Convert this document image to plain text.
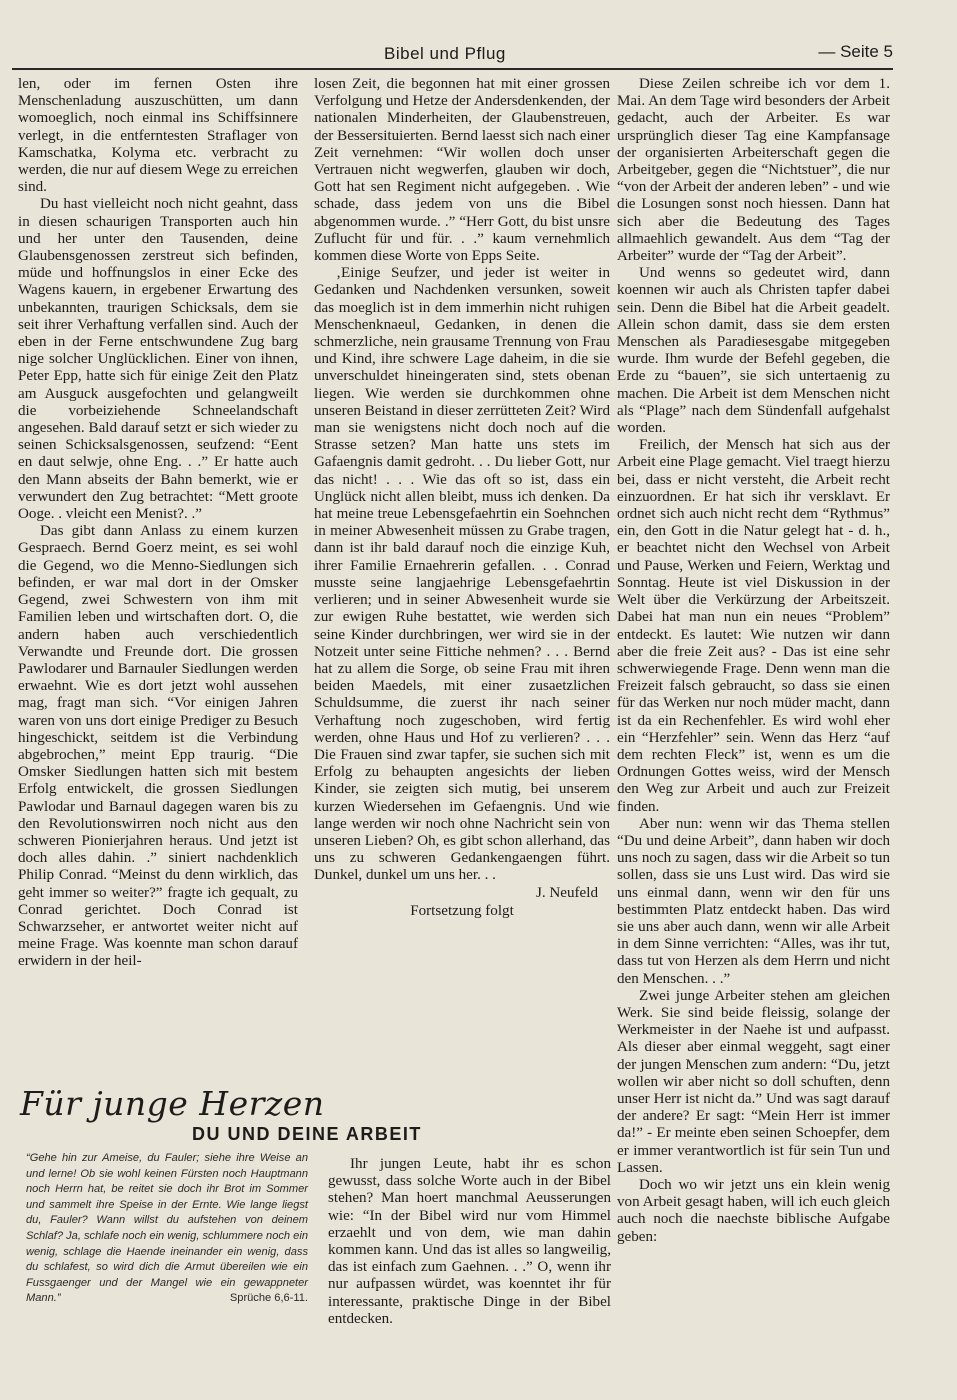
Bibel und Pflug	— Seite 5

len, oder im fernen Osten ihre Menschenladung auszuschütten, um dann womoeglich, noch einmal ins Schiffsinnere verlegt, in die entferntesten Straflager von Kamschatka, Kolyma etc. verbracht zu werden, die nur auf diesem Wege zu erreichen sind.

Du hast vielleicht noch nicht geahnt, dass in diesen schaurigen Transporten auch hin und her unter den Tausenden, deine Glaubensgenossen zerstreut sich befinden, müde und hoffnungslos in einer Ecke des Wagens kauern, in ergebener Erwartung des unbekannten, traurigen Schicksals, dem sie seit ihrer Verhaftung verfallen sind. Auch der eben in der Ferne entschwundene Zug barg nige solcher Unglücklichen. Einer von ihnen, Peter Epp, hatte sich für einige Zeit den Platz am Ausguck ausgefochten und gelangweilt die vorbeiziehende Schneelandschaft angesehen. Bald darauf setzt er sich wieder zu seinen Schicksalsgenossen, seufzend: “Eent en daut selwje, ohne Eng. . .” Er hatte auch den Mann abseits der Bahn bemerkt, wie er verwundert den Zug betrachtet: “Mett groote Ooge. . vleicht een Menist?. .”

Das gibt dann Anlass zu einem kurzen Gespraech. Bernd Goerz meint, es sei wohl die Gegend, wo die Menno-Siedlungen sich befinden, er war mal dort in der Omsker Gegend, zwei Schwestern von ihm mit Familien leben und wirtschaften dort. O, die andern haben auch verschiedentlich Verwandte und Freunde dort. Die grossen Pawlodarer und Barnauler Siedlungen werden erwaehnt. Wie es dort jetzt wohl aussehen mag, fragt man sich. “Vor einigen Jahren waren von uns dort einige Prediger zu Besuch hingeschickt, seitdem ist die Verbindung abgebrochen,” meint Epp traurig. “Die Omsker Siedlungen hatten sich mit bestem Erfolg entwickelt, die grossen Siedlungen Pawlodar und Barnaul dagegen waren bis zu den Revolutionswirren noch nicht aus den schweren Pionierjahren heraus. Und jetzt ist doch alles dahin. .” siniert nachdenklich Philip Conrad. “Meinst du denn wirklich, das geht immer so weiter?” fragte ich gequalt, zu Conrad gerichtet. Doch Conrad ist Schwarzseher, er antwortet weiter nicht auf meine Frage. Was koennte man schon darauf erwidern in der heil-

losen Zeit, die begonnen hat mit einer grossen Verfolgung und Hetze der Andersdenkenden, der nationalen Minderheiten, der Glaubenstreuen, der Bessersituierten. Bernd laesst sich nach einer Zeit vernehmen: “Wir wollen doch unser Vertrauen nicht wegwerfen, glauben wir doch, Gott hat sen Regiment nicht aufgegeben. . Wie schade, dass jedem von uns die Bibel abgenommen wurde. .” “Herr Gott, du bist unsre Zuflucht für und für. . .” kaum vernehmlich kommen diese Worte von Epps Seite.

‚Einige Seufzer, und jeder ist weiter in Gedanken und Nachdenken versunken, soweit das moeglich ist in dem immerhin nicht ruhigen Menschenknaeul, Gedanken, in denen die schmerzliche, nein grausame Trennung von Frau und Kind, ihre schwere Lage daheim, in die sie unverschuldet hineingeraten sind, stets obenan liegen. Wie werden sie durchkommen ohne unseren Beistand in dieser zerrütteten Zeit? Wird man sie wenigstens nicht doch noch auf die Strasse setzen? Man hatte uns stets im Gafaengnis damit gedroht. . . Du lieber Gott, nur das nicht! . . . Wie das oft so ist, dass ein Unglück nicht allen bleibt, muss ich denken. Da hat meine treue Lebensgefaehrtin ein Soehnchen in meiner Abwesenheit müssen zu Grabe tragen, dann ist ihr bald darauf noch die einzige Kuh, ihrer Familie Ernaehrerin gefallen. . . Conrad musste seine langjaehrige Lebensgefaehrtin verlieren; und in seiner Abwesenheit wurde sie zur ewigen Ruhe bestattet, wie werden sich seine Kinder durchbringen, wer wird sie in der Notzeit unter seine Fittiche nehmen? . . . Bernd hat zu allem die Sorge, ob seine Frau mit ihren beiden Maedels, mit einer zusaetzlichen Schuldsumme, die zuerst ihr nach seiner Verhaftung noch zugeschoben, wird fertig werden, ohne Haus und Hof zu verlieren? . . . Die Frauen sind zwar tapfer, sie suchen sich mit Erfolg zu behaupten angesichts der lieben Kinder, sie zeigten sich mutig, bei unserem kurzen Wiedersehen im Gefaengnis. Und wie lange werden wir noch ohne Nachricht sein von unseren Lieben? Oh, es gibt schon allerhand, das uns zu schweren Gedankengaengen führt. Dunkel, dunkel um uns her. . .

J. Neufeld
Fortsetzung folgt

Diese Zeilen schreibe ich vor dem 1. Mai. An dem Tage wird besonders der Arbeit gedacht, auch der Arbeiter. Es war ursprünglich dieser Tag eine Kampfansage der organisierten Arbeiterschaft gegen die Arbeitgeber, gegen die “Nichtstuer”, die nur “von der Arbeit der anderen leben” - und wie die Losungen sonst noch hiessen. Dann hat sich aber die Bedeutung des Tages allmaehlich gewandelt. Aus dem “Tag der Arbeiter” wurde der “Tag der Arbeit”.

Und wenns so gedeutet wird, dann koennen wir auch als Christen tapfer dabei sein. Denn die Bibel hat die Arbeit geadelt. Allein schon damit, dass sie dem ersten Menschen als Paradiesesgabe mitgegeben wurde. Ihm wurde der Befehl gegeben, die Erde zu “bauen”, sie sich untertaenig zu machen. Die Arbeit ist dem Menschen nicht als “Plage” nach dem Sündenfall aufgehalst worden.

Freilich, der Mensch hat sich aus der Arbeit eine Plage gemacht. Viel traegt hierzu bei, dass er nicht versteht, die Arbeit recht einzuordnen. Er hat sich ihr versklavt. Er ordnet sich auch nicht recht dem “Rythmus” ein, den Gott in die Natur gelegt hat - d. h., er beachtet nicht den Wechsel von Arbeit und Pause, Werken und Feiern, Werktag und Sonntag. Heute ist viel Diskussion in der Welt über die Verkürzung der Arbeitszeit. Dabei hat man nun ein neues “Problem” entdeckt. Es lautet: Wie nutzen wir dann aber die freie Zeit aus? - Das ist eine sehr schwerwiegende Frage. Denn wenn man die Freizeit falsch gebraucht, so dass sie einen für das Werken nur noch müder macht, dann ist da ein Rechenfehler. Es wird wohl eher ein “Herzfehler” sein. Wenn das Herz “auf dem rechten Fleck” ist, wenn es um die Ordnungen Gottes weiss, wird der Mensch den Weg zur Arbeit und auch zur Freizeit finden.

Aber nun: wenn wir das Thema stellen “Du und deine Arbeit”, dann haben wir doch uns noch zu sagen, dass wir die Arbeit so tun sollen, dass sie uns Lust wird. Das wird sie uns einmal dann, wenn wir den für uns bestimmten Platz entdeckt haben. Das wird sie uns aber auch dann, wenn wir alle Arbeit in dem Sinne verrichten: “Alles, was ihr tut, dass tut von Herzen als dem Herrn und nicht den Menschen. . .”

Zwei junge Arbeiter stehen am gleichen Werk. Sie sind beide fleissig, solange der Werkmeister in der Naehe ist und aufpasst. Als dieser aber einmal weggeht, sagt einer der jungen Menschen zum andern: “Du, jetzt wollen wir aber nicht so doll schuften, denn unser Herr ist nicht da.” Und was sagt darauf der andere? Er sagt: “Mein Herr ist immer da!” - Er meinte eben seinen Schoepfer, dem er immer verantwortlich ist für sein Tun und Lassen.

Doch wo wir jetzt uns ein klein wenig von Arbeit gesagt haben, will ich euch gleich auch noch die naechste biblische Aufgabe geben:

Für junge Herzen
DU UND DEINE ARBEIT
“Gehe hin zur Ameise, du Fauler; siehe ihre Weise an und lerne! Ob sie wohl keinen Fürsten noch Hauptmann noch Herrn hat, be reitet sie doch ihr Brot im Sommer und sammelt ihre Speise in der Ernte. Wie lange liegst du, Fauler? Wann willst du aufstehen von deinem Schlaf? Ja, schlafe noch ein wenig, schlummere noch ein wenig, schlage die Haende ineinander ein wenig, dass du schlafest, so wird dich die Armut übereilen wie ein Fussgaenger und der Mangel wie ein gewappneter Mann.”	Sprüche 6,6-11.

Ihr jungen Leute, habt ihr es schon gewusst, dass solche Worte auch in der Bibel stehen? Man hoert manchmal Aeusserungen wie: “In der Bibel wird nur vom Himmel erzaehlt und von dem, wie man dahin kommen kann. Und das ist alles so langweilig, das ist einfach zum Gaehnen. . .” O, wenn ihr nur aufpassen würdet, was koenntet ihr für interessante, praktische Dinge in der Bibel entdecken.
